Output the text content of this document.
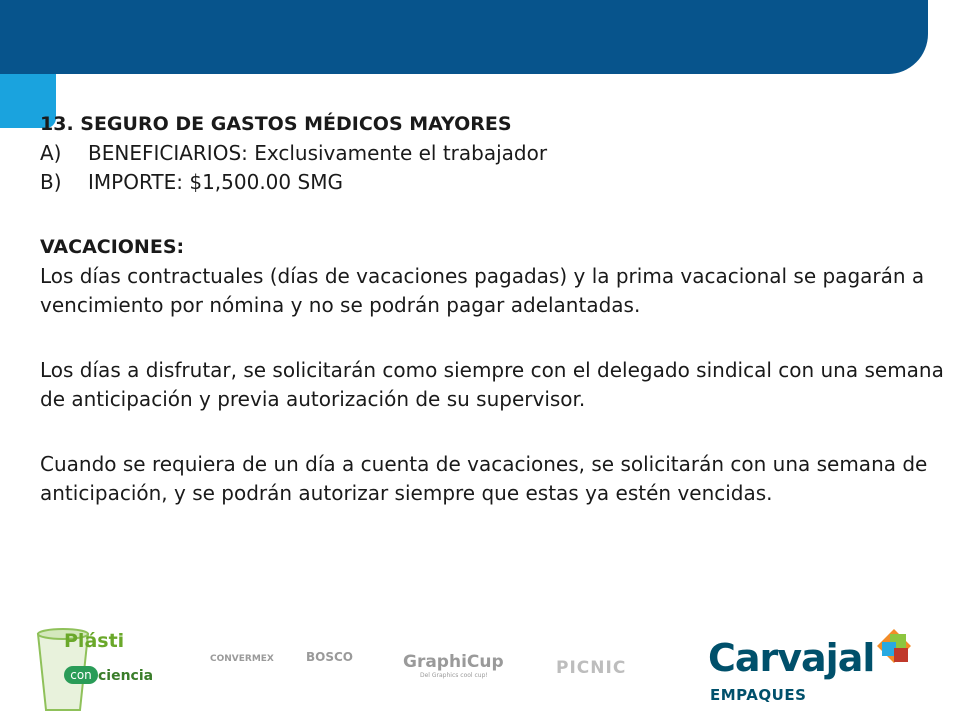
13. SEGURO DE GASTOS MÉDICOS MAYORES

A)	BENEFICIARIOS: Exclusivamente el trabajador
B)	IMPORTE: $1,500.00 SMG

VACACIONES:

Los días contractuales (días de vacaciones pagadas) y la prima vacacional se pagarán a vencimiento por nómina y no se podrán pagar adelantadas.

Los días a disfrutar, se solicitarán como siempre con el delegado sindical con una semana de anticipación y previa autorización de su supervisor.

Cuando se requiera de un día a cuenta de vacaciones, se solicitarán con una semana de anticipación, y se podrán autorizar siempre que estas ya estén vencidas.

Plásti
con ciencia
CONVERMEX	BOSCO	GraphiCup
Del Graphics cool cup!	PICNIC Carvajal
EMPAQUES
